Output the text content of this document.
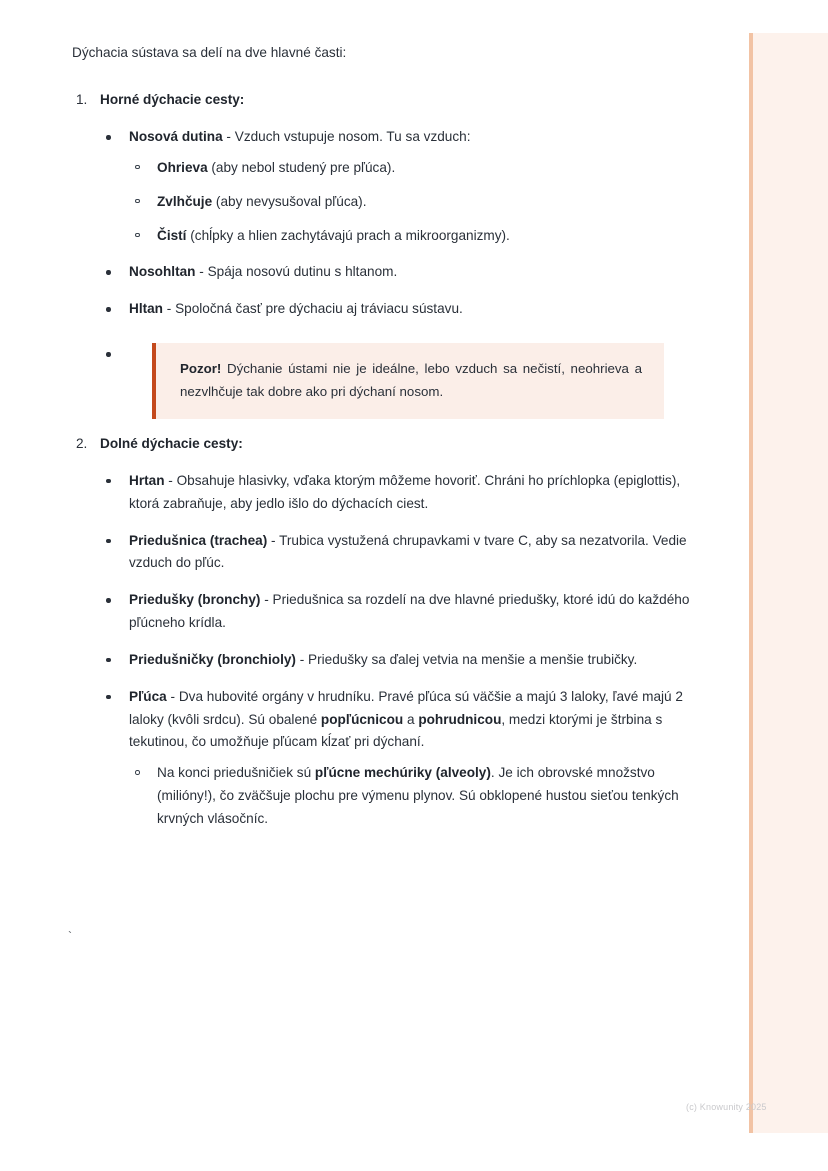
Dýchacia sústava sa delí na dve hlavné časti:

1. Horné dýchacie cesty:
Nosová dutina - Vzduch vstupuje nosom. Tu sa vzduch:
Ohrieva (aby nebol studený pre pľúca).
Zvlhčuje (aby nevysušoval pľúca).
Čistí (chĺpky a hlien zachytávajú prach a mikroorganizmy).
Nosohltan - Spája nosovú dutinu s hltanom.
Hltan - Spoločná časť pre dýchaciu aj tráviacu sústavu.

Pozor! Dýchanie ústami nie je ideálne, lebo vzduch sa nečistí, neohrieva a nezvlhčuje tak dobre ako pri dýchaní nosom.

2. Dolné dýchacie cesty:
Hrtan - Obsahuje hlasivky, vďaka ktorým môžeme hovoriť. Chráni ho príchlopka (epiglottis), ktorá zabraňuje, aby jedlo išlo do dýchacích ciest.
Priedušnica (trachea) - Trubica vystužená chrupavkami v tvare C, aby sa nezatvorila. Vedie vzduch do pľúc.
Priedušky (bronchy) - Priedušnica sa rozdelí na dve hlavné priedušky, ktoré idú do každého pľúcneho krídla.
Priedušničky (bronchioly) - Priedušky sa ďalej vetvia na menšie a menšie trubičky.
Pľúca - Dva hubovité orgány v hrudníku. Pravé pľúca sú väčšie a majú 3 laloky, ľavé majú 2 laloky (kvôli srdcu). Sú obalené popľúcnicou a pohrudnicou, medzi ktorými je štrbina s tekutinou, čo umožňuje pľúcam kĺzať pri dýchaní.
Na konci priedušničiek sú pľúcne mechúriky (alveoly). Je ich obrovské množstvo (milióny!), čo zväčšuje plochu pre výmenu plynov. Sú obklopené hustou sieťou tenkých krvných vlásočníc.
`
(c) Knowunity 2025
